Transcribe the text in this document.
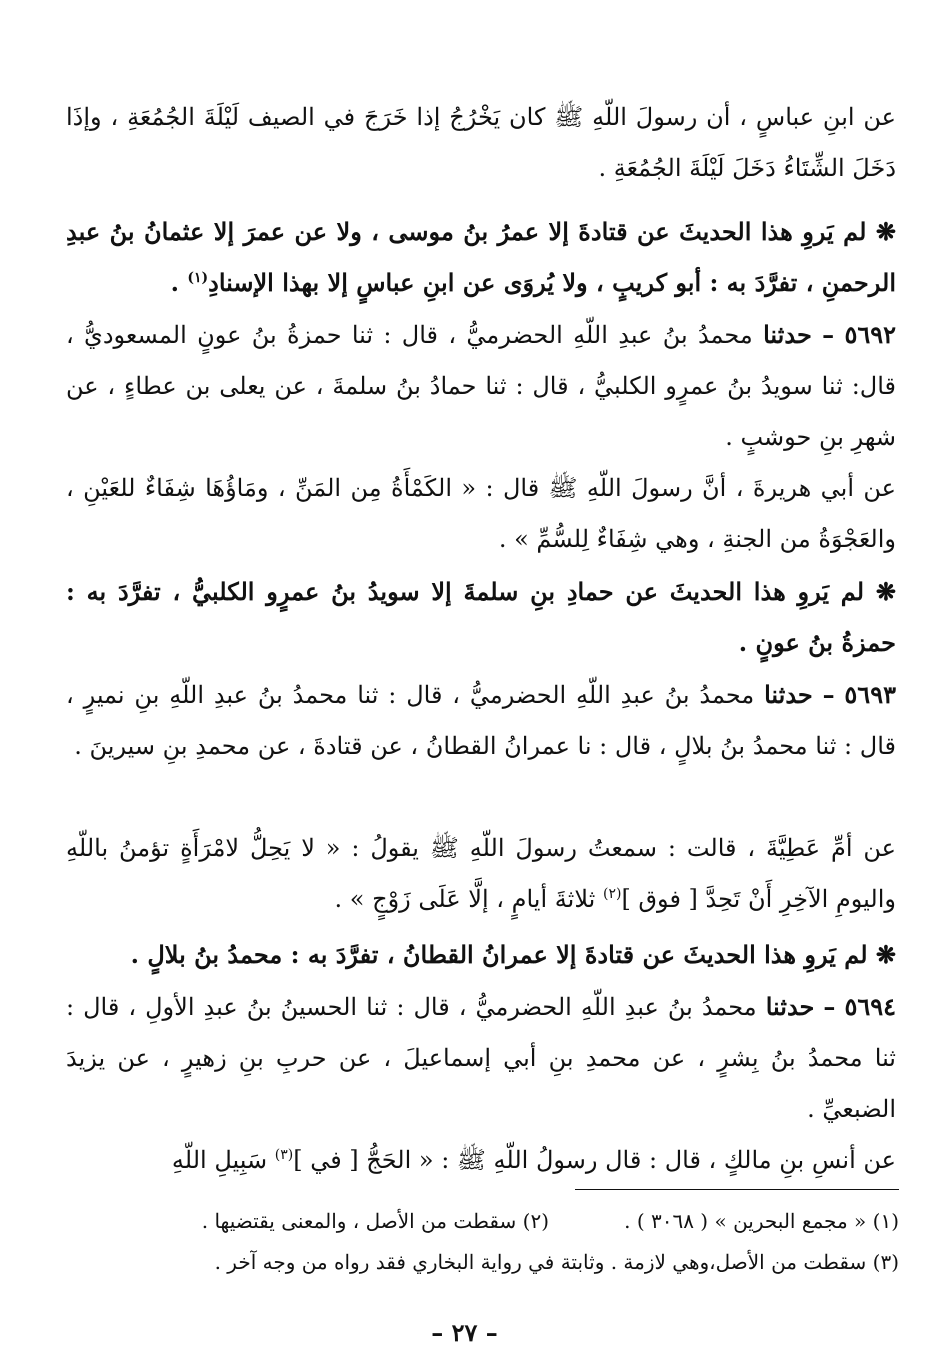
عن ابنِ عباسٍ ، أن رسولَ اللّهِ ﷺ كان يَخْرُجُ إذا خَرَجَ في الصيف لَيْلَةَ الجُمُعَةِ ، وإذَا دَخَلَ الشِّتَاءُ دَخَلَ لَيْلَةَ الجُمُعَةِ .

❋ لم يَروِ هذا الحديثَ عن قتادةَ إلا عمرُ بنُ موسى ، ولا عن عمرَ إلا عثمانُ بنُ عبدِ الرحمنِ ، تفرَّدَ به : أبو كريبٍ ، ولا يُروَى عن ابنِ عباسٍ إلا بهذا الإسنادِ$^{(١)}$ .

٥٦٩٢ – حدثنا محمدُ بنُ عبدِ اللّهِ الحضرميُّ ، قال : ثنا حمزةُ بنُ عونٍ المسعوديُّ ، قال: ثنا سويدُ بنُ عمرٍو الكلبيُّ ، قال : ثنا حمادُ بنُ سلمةَ ، عن يعلى بن عطاءٍ ، عن شهرِ بنِ حوشبٍ .

عن أبي هريرةَ ، أنَّ رسولَ اللّهِ ﷺ قال : « الكَمْأَةُ مِن المَنِّ ، ومَاؤُهَا شِفَاءٌ للعَيْنِ ، والعَجْوَةُ من الجنةِ ، وهي شِفَاءٌ لِلسُّمِّ » .

❋ لم يَروِ هذا الحديثَ عن حمادِ بنِ سلمةَ إلا سويدُ بنُ عمرٍو الكلبيُّ ، تفرَّدَ به : حمزةُ بنُ عونٍ .

٥٦٩٣ – حدثنا محمدُ بنُ عبدِ اللّهِ الحضرميُّ ، قال : ثنا محمدُ بنُ عبدِ اللّهِ بنِ نميرٍ ، قال : ثنا محمدُ بنُ بلالٍ ، قال : نا عمرانُ القطانُ ، عن قتادةَ ، عن محمدِ بنِ سيرينَ .

عن أمِّ عَطِيَّةَ ، قالت : سمعتُ رسولَ اللّهِ ﷺ يقولُ : « لا يَحِلُّ لامْرَأَةٍ تؤمنُ باللّهِ واليومِ الآخِرِ أَنْ تَحِدَّ [ فوق ]$^{(٢)}$ ثلاثةَ أيامٍ ، إلَّا عَلَى زَوْجٍ » .

❋ لم يَروِ هذا الحديثَ عن قتادةَ إلا عمرانُ القطانُ ، تفرَّدَ به : محمدُ بنُ بلالٍ .

٥٦٩٤ – حدثنا محمدُ بنُ عبدِ اللّهِ الحضرميُّ ، قال : ثنا الحسينُ بنُ عبدِ الأولِ ، قال : ثنا محمدُ بنُ بِشرٍ ، عن محمدِ بنِ أبي إسماعيلَ ، عن حربِ بنِ زهيرٍ ، عن يزيدَ الضبعيِّ .

عن أنسِ بنِ مالكٍ ، قال : قال رسولُ اللّهِ ﷺ : « الحَجُّ [ في ]$^{(٣)}$ سَبِيلِ اللّهِ

(١) « مجمع البحرين » ( ٣٠٦٨ ) .

(٢) سقطت من الأصل ، والمعنى يقتضيها .

(٣) سقطت من الأصل،وهي لازمة . وثابتة في رواية البخاري فقد رواه من وجه آخر .

– ٢٧ –
